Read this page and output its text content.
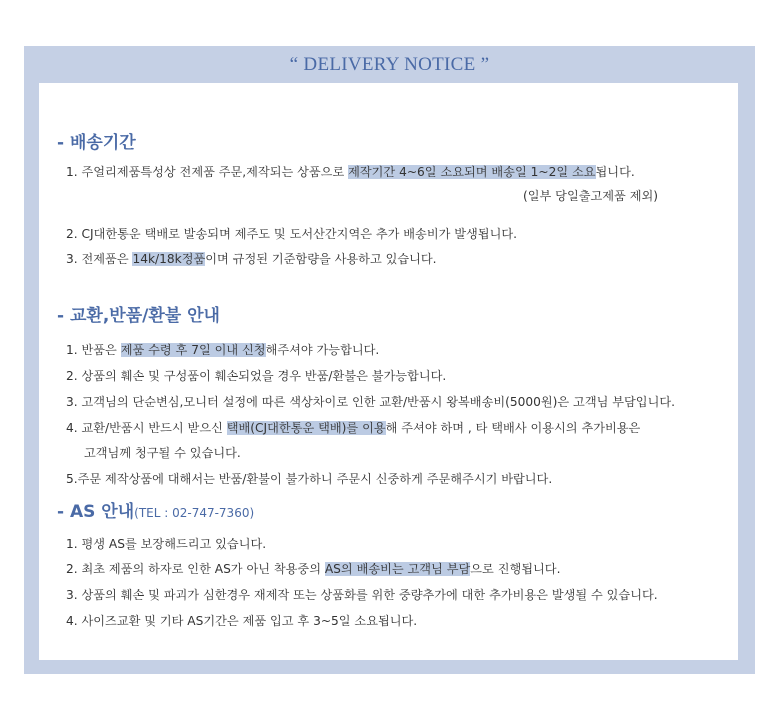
“ DELIVERY NOTICE ”
- 배송기간
1. 주얼리제품특성상 전제품 주문,제작되는 상품으로 제작기간 4~6일 소요되며 배송일 1~2일 소요됩니다.
(일부 당일출고제품 제외)
2. CJ대한통운 택배로 발송되며 제주도 및 도서산간지역은 추가 배송비가 발생됩니다.
3. 전제품은 14k/18k정품이며 규정된 기준함량을 사용하고 있습니다.
- 교환,반품/환불 안내
1. 반품은 제품 수령 후 7일 이내 신청해주셔야 가능합니다.
2. 상품의 훼손 및 구성품이 훼손되었을 경우 반품/환불은 불가능합니다.
3. 고객님의 단순변심,모니터 설정에 따른 색상차이로 인한 교환/반품시 왕복배송비(5000원)은 고객님 부담입니다.
4. 교환/반품시 반드시 받으신 택배(CJ대한통운 택배)를 이용해 주셔야 하며 , 타 택배사 이용시의 추가비용은
고객님께 청구될 수 있습니다.
5.주문 제작상품에 대해서는 반품/환불이 불가하니 주문시 신중하게 주문해주시기 바랍니다.
- AS 안내(TEL : 02-747-7360)
1. 평생 AS를 보장해드리고 있습니다.
2. 최초 제품의 하자로 인한 AS가 아닌 착용중의 AS의 배송비는 고객님 부담으로 진행됩니다.
3. 상품의 훼손 및 파괴가 심한경우 재제작 또는 상품화를 위한 중량추가에 대한 추가비용은 발생될 수 있습니다.
4. 사이즈교환 및 기타 AS기간은 제품 입고 후 3~5일 소요됩니다.
